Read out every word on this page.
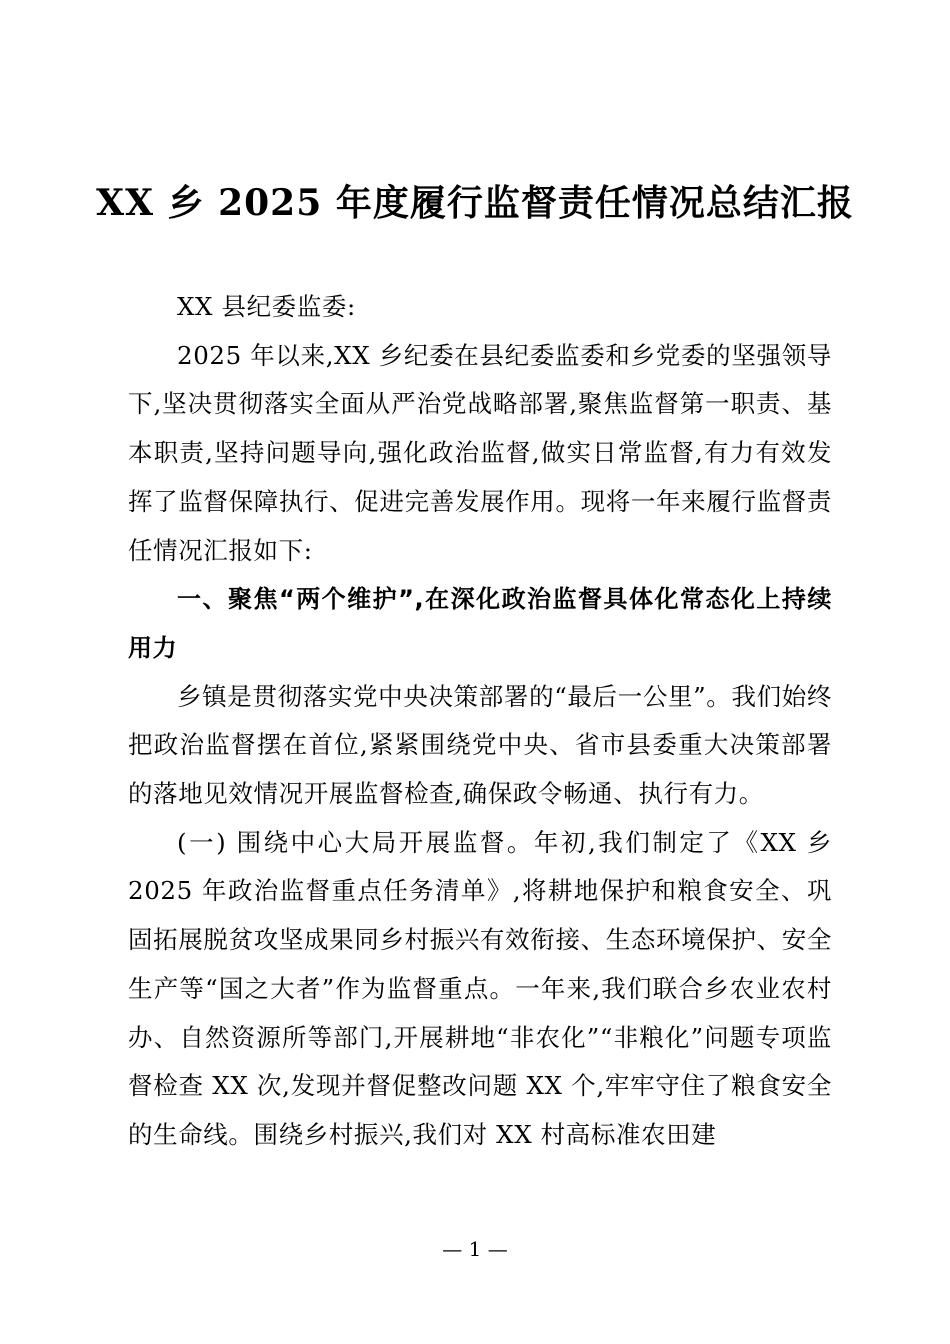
XX 乡 2025 年度履行监督责任情况总结汇报

XX 县纪委监委:

2025 年以来,XX 乡纪委在县纪委监委和乡党委的坚强领导下,坚决贯彻落实全面从严治党战略部署,聚焦监督第一职责、基本职责,坚持问题导向,强化政治监督,做实日常监督,有力有效发挥了监督保障执行、促进完善发展作用。现将一年来履行监督责任情况汇报如下:

一、聚焦“两个维护”,在深化政治监督具体化常态化上持续用力

乡镇是贯彻落实党中央决策部署的“最后一公里”。我们始终把政治监督摆在首位,紧紧围绕党中央、省市县委重大决策部署的落地见效情况开展监督检查,确保政令畅通、执行有力。

(一) 围绕中心大局开展监督。年初,我们制定了《XX 乡2025 年政治监督重点任务清单》,将耕地保护和粮食安全、巩固拓展脱贫攻坚成果同乡村振兴有效衔接、生态环境保护、安全生产等“国之大者”作为监督重点。一年来,我们联合乡农业农村办、自然资源所等部门,开展耕地“非农化”“非粮化”问题专项监督检查 XX 次,发现并督促整改问题 XX 个,牢牢守住了粮食安全的生命线。围绕乡村振兴,我们对 XX 村高标准农田建

— 1 —
